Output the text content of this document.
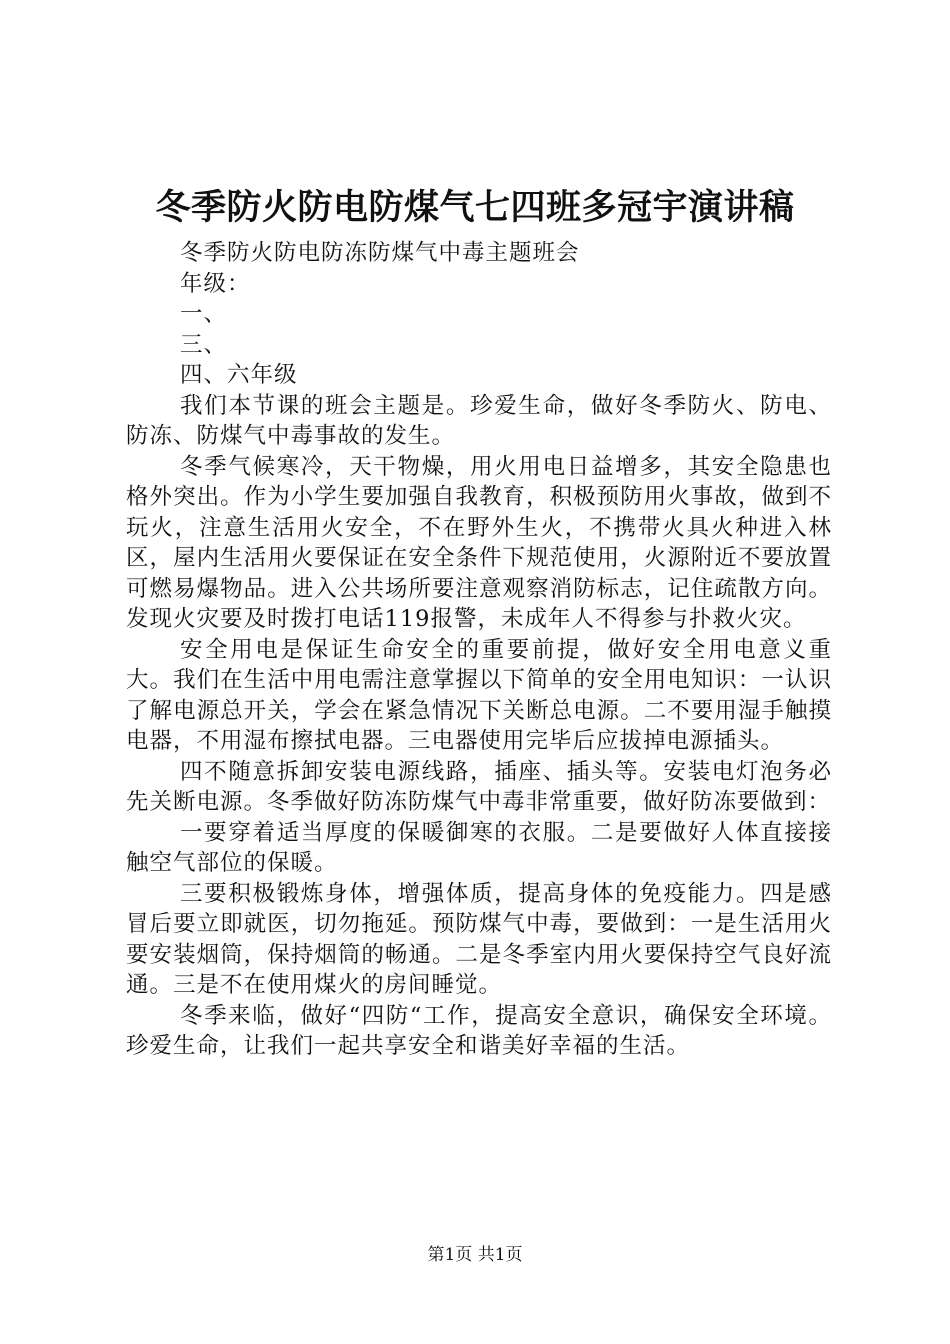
冬季防火防电防煤气七四班多冠宇演讲稿

冬季防火防电防冻防煤气中毒主题班会

年级：

一、

三、

四、六年级

我们本节课的班会主题是。珍爱生命，做好冬季防火、防电、防冻、防煤气中毒事故的发生。

冬季气候寒冷，天干物燥，用火用电日益增多，其安全隐患也格外突出。作为小学生要加强自我教育，积极预防用火事故，做到不玩火，注意生活用火安全，不在野外生火，不携带火具火种进入林区，屋内生活用火要保证在安全条件下规范使用，火源附近不要放置可燃易爆物品。进入公共场所要注意观察消防标志，记住疏散方向。发现火灾要及时拨打电话119报警，未成年人不得参与扑救火灾。

安全用电是保证生命安全的重要前提，做好安全用电意义重大。我们在生活中用电需注意掌握以下简单的安全用电知识：一认识了解电源总开关，学会在紧急情况下关断总电源。二不要用湿手触摸电器，不用湿布擦拭电器。三电器使用完毕后应拔掉电源插头。

四不随意拆卸安装电源线路，插座、插头等。安装电灯泡务必先关断电源。冬季做好防冻防煤气中毒非常重要，做好防冻要做到：

一要穿着适当厚度的保暖御寒的衣服。二是要做好人体直接接触空气部位的保暖。

三要积极锻炼身体，增强体质，提高身体的免疫能力。四是感冒后要立即就医，切勿拖延。预防煤气中毒，要做到：一是生活用火要安装烟筒，保持烟筒的畅通。二是冬季室内用火要保持空气良好流通。三是不在使用煤火的房间睡觉。

冬季来临，做好“四防“工作，提高安全意识，确保安全环境。珍爱生命，让我们一起共享安全和谐美好幸福的生活。

第1页 共1页
